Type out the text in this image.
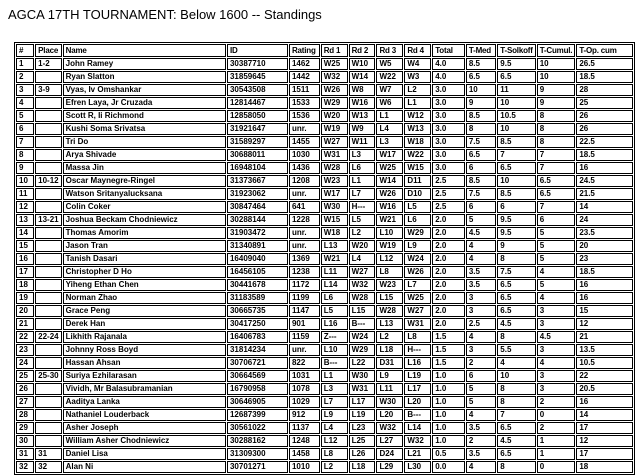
AGCA 17TH TOURNAMENT: Below 1600 -- Standings
#	Place	Name	ID	Rating	Rd 1	Rd 2	Rd 3	Rd 4	Total	T-Med	T-Solkoff	T-Cumul.	T-Op. cum
1	1-2	John Ramey	30387710	1462	W25	W10	W5	W4	4.0	8.5	9.5	10	26.5
2		Ryan Slatton	31859645	1442	W32	W14	W22	W3	4.0	6.5	6.5	10	18.5
3	3-9	Vyas, Iv Omshankar	30543508	1511	W26	W8	W7	L2	3.0	10	11	9	28
4		Efren Laya, Jr Cruzada	12814467	1533	W29	W16	W6	L1	3.0	9	10	9	25
5		Scott R, Ii Richmond	12858050	1536	W20	W13	L1	W12	3.0	8.5	10.5	8	26
6		Kushi Soma Srivatsa	31921647	unr.	W19	W9	L4	W13	3.0	8	10	8	26
7		Tri Do	31589297	1455	W27	W11	L3	W18	3.0	7.5	8.5	8	22.5
8		Arya Shivade	30688011	1030	W31	L3	W17	W22	3.0	6.5	7	7	18.5
9		Massa Jin	16948104	1436	W28	L6	W25	W15	3.0	6	6.5	7	16
10	10-12	Oscar Maynegre-Ringel	31373667	1208	W23	L1	W14	D11	2.5	8.5	10	6.5	24.5
11		Watson Sritanyalucksana	31923062	unr.	W17	L7	W26	D10	2.5	7.5	8.5	6.5	21.5
12		Colin Coker	30847464	641	W30	H---	W16	L5	2.5	6	6	7	14
13	13-21	Joshua Beckam Chodniewicz	30288144	1228	W15	L5	W21	L6	2.0	5	9.5	6	24
14		Thomas Amorim	31903472	unr.	W18	L2	L10	W29	2.0	4.5	9.5	5	23.5
15		Jason Tran	31340891	unr.	L13	W20	W19	L9	2.0	4	9	5	20
16		Tanish Dasari	16409040	1369	W21	L4	L12	W24	2.0	4	8	5	23
17		Christopher D Ho	16456105	1238	L11	W27	L8	W26	2.0	3.5	7.5	4	18.5
18		Yiheng Ethan Chen	30441678	1172	L14	W32	W23	L7	2.0	3.5	6.5	5	16
19		Norman Zhao	31183589	1199	L6	W28	L15	W25	2.0	3	6.5	4	16
20		Grace Peng	30665735	1147	L5	L15	W28	W27	2.0	3	6.5	3	15
21		Derek Han	30417250	901	L16	B---	L13	W31	2.0	2.5	4.5	3	12
22	22-24	Likhith Rajanala	16406783	1159	Z---	W24	L2	L8	1.5	4	8	4.5	21
23		Johnny Ross Boyd	31814234	unr.	L10	W29	L18	H---	1.5	3	5.5	3	13.5
24		Hassan Ahsan	30706721	822	B---	L22	D31	L16	1.5	2	4	4	10.5
25	25-30	Suriya Ezhilarasan	30664569	1031	L1	W30	L9	L19	1.0	6	10	3	22
26		Vividh, Mr Balasubramanian	16790958	1078	L3	W31	L11	L17	1.0	5	8	3	20.5
27		Aaditya Lanka	30646905	1029	L7	L17	W30	L20	1.0	5	8	2	16
28		Nathaniel Louderback	12687399	912	L9	L19	L20	B---	1.0	4	7	0	14
29		Asher Joseph	30561022	1137	L4	L23	W32	L14	1.0	3.5	6.5	2	17
30		William Asher Chodniewicz	30288162	1248	L12	L25	L27	W32	1.0	2	4.5	1	12
31	31	Daniel Lisa	31309300	1458	L8	L26	D24	L21	0.5	3.5	6.5	1	17
32	32	Alan Ni	30701271	1010	L2	L18	L29	L30	0.0	4	8	0	18
